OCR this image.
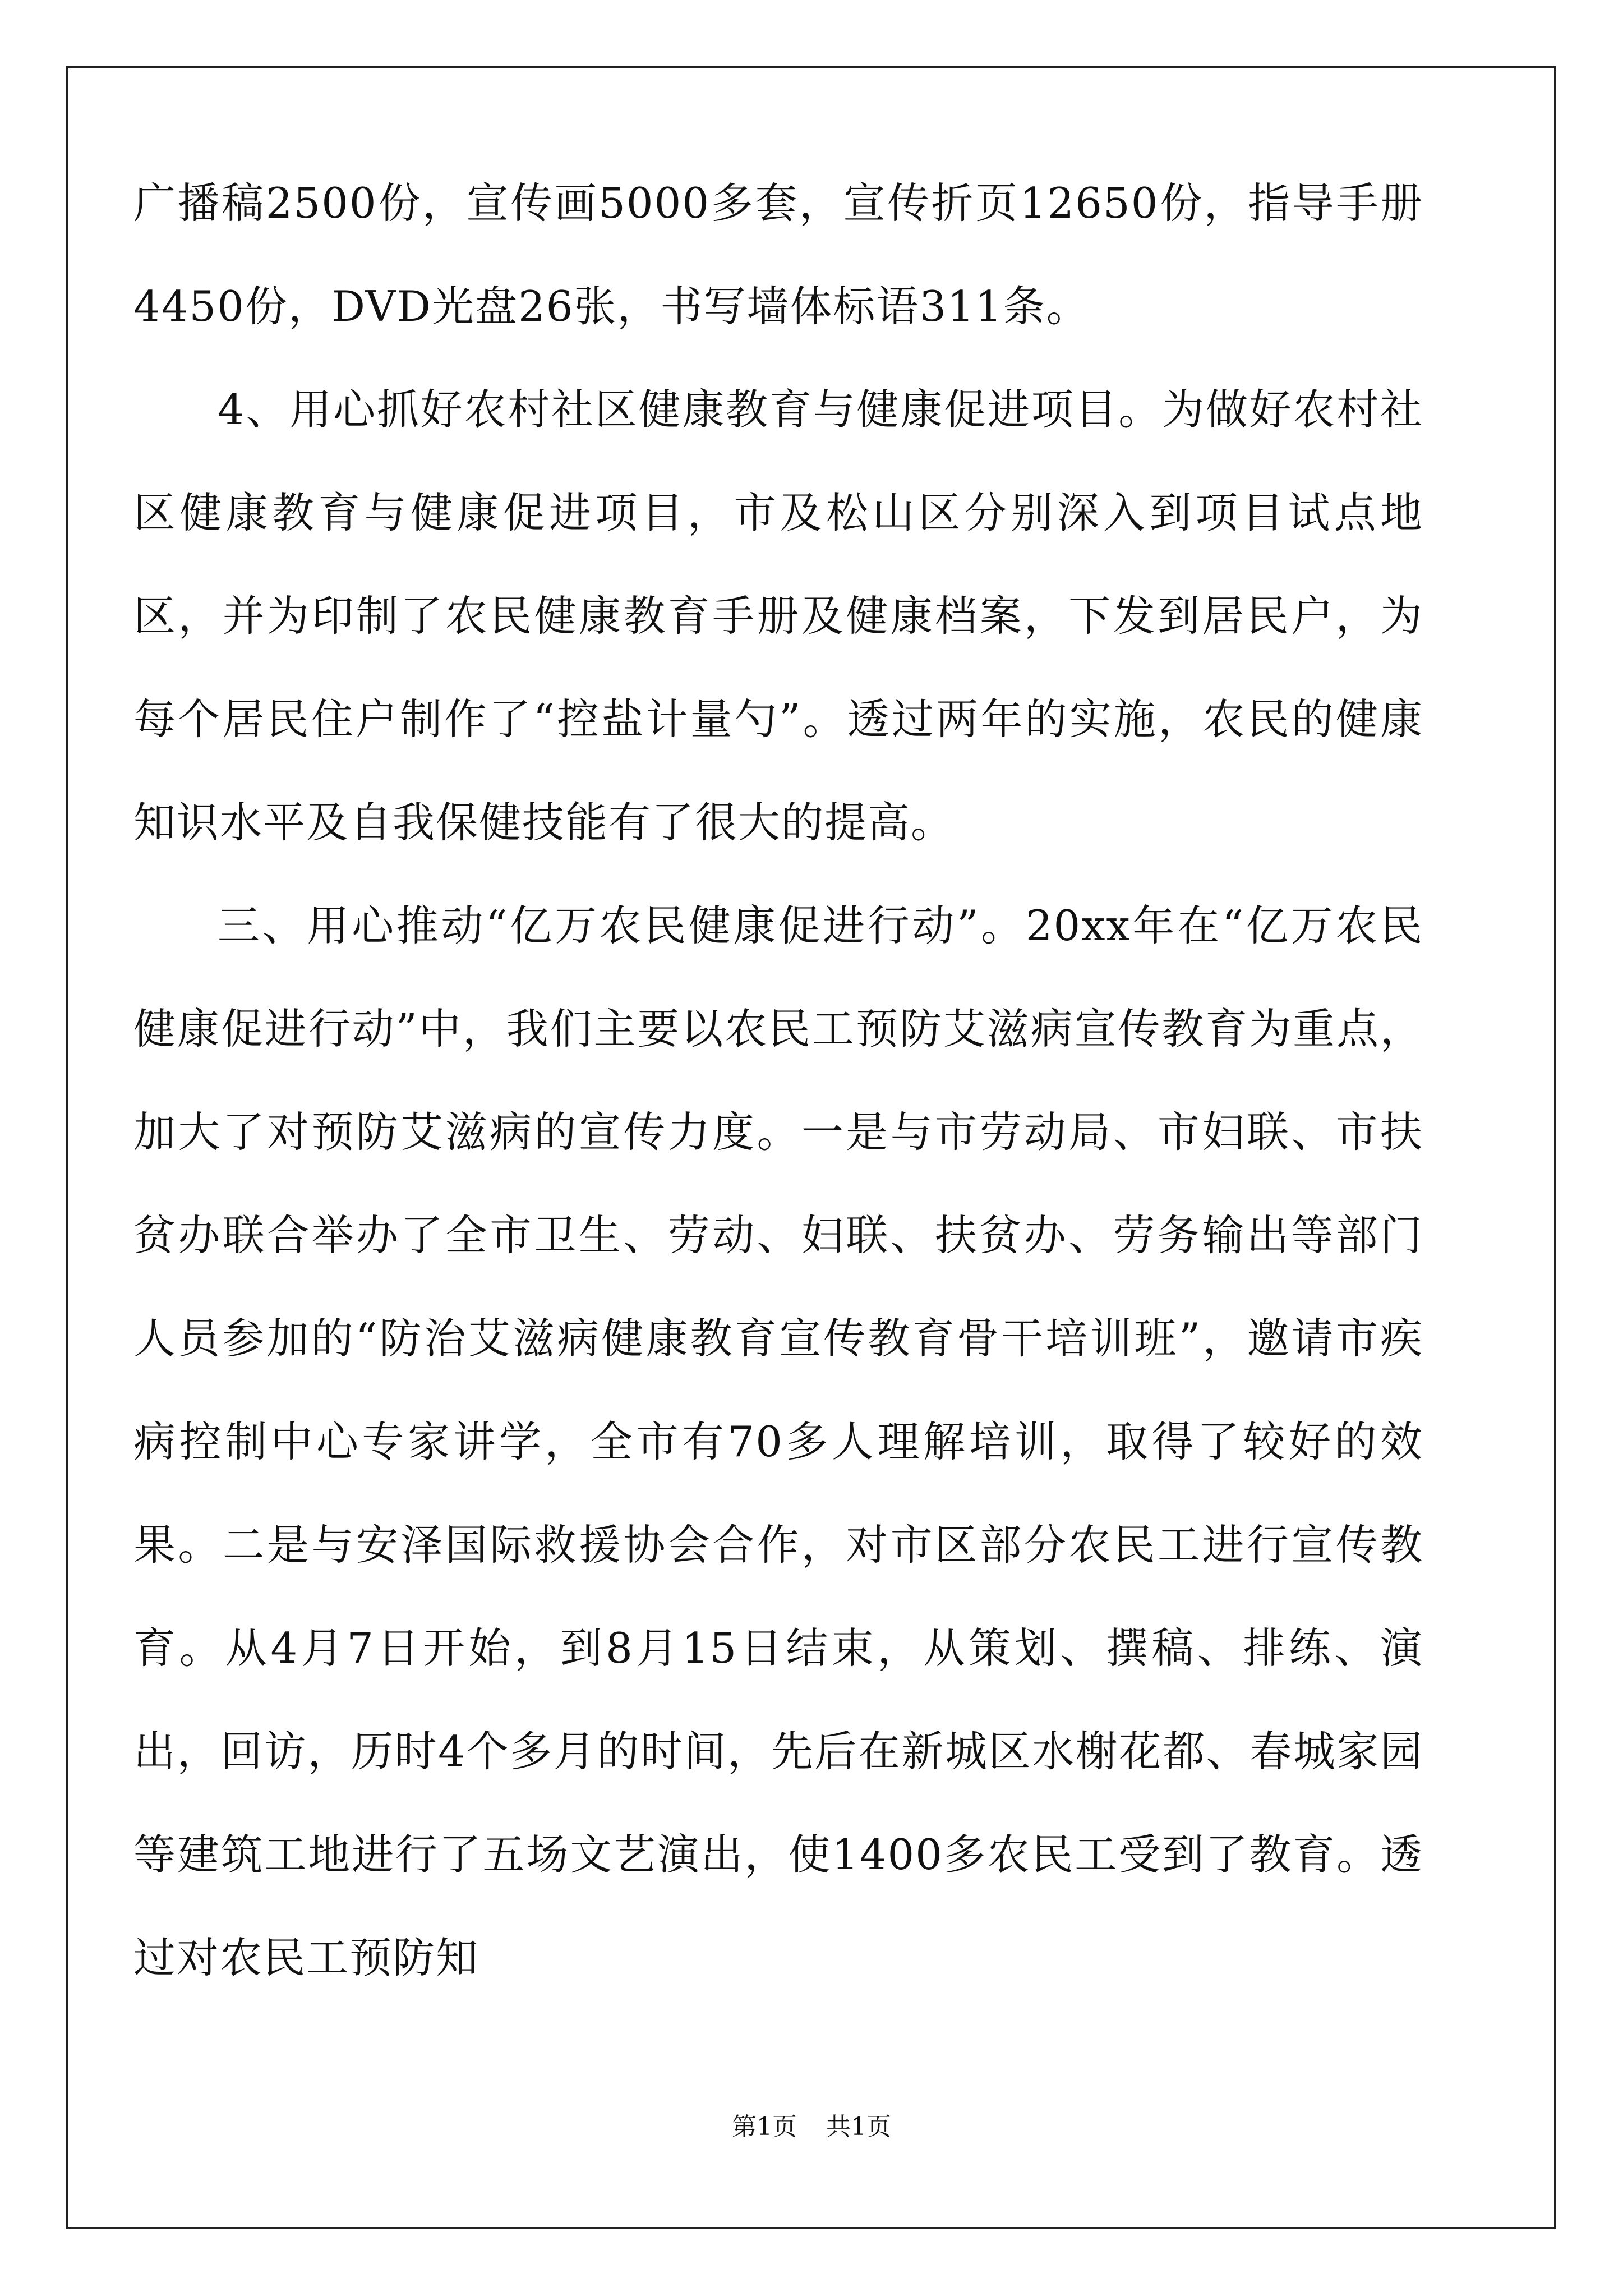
广播稿2500份，宣传画5000多套，宣传折页12650份，指导手册4450份，DVD光盘26张，书写墙体标语311条。

4、用心抓好农村社区健康教育与健康促进项目。为做好农村社区健康教育与健康促进项目，市及松山区分别深入到项目试点地区，并为印制了农民健康教育手册及健康档案，下发到居民户，为每个居民住户制作了“控盐计量勺”。透过两年的实施，农民的健康知识水平及自我保健技能有了很大的提高。

三、用心推动“亿万农民健康促进行动”。20xx年在“亿万农民健康促进行动”中，我们主要以农民工预防艾滋病宣传教育为重点，加大了对预防艾滋病的宣传力度。一是与市劳动局、市妇联、市扶贫办联合举办了全市卫生、劳动、妇联、扶贫办、劳务输出等部门人员参加的“防治艾滋病健康教育宣传教育骨干培训班”，邀请市疾病控制中心专家讲学，全市有70多人理解培训，取得了较好的效果。二是与安泽国际救援协会合作，对市区部分农民工进行宣传教育。从4月7日开始，到8月15日结束，从策划、撰稿、排练、演出，回访，历时4个多月的时间，先后在新城区水榭花都、春城家园等建筑工地进行了五场文艺演出，使1400多农民工受到了教育。透过对农民工预防知

第1页 共1页
